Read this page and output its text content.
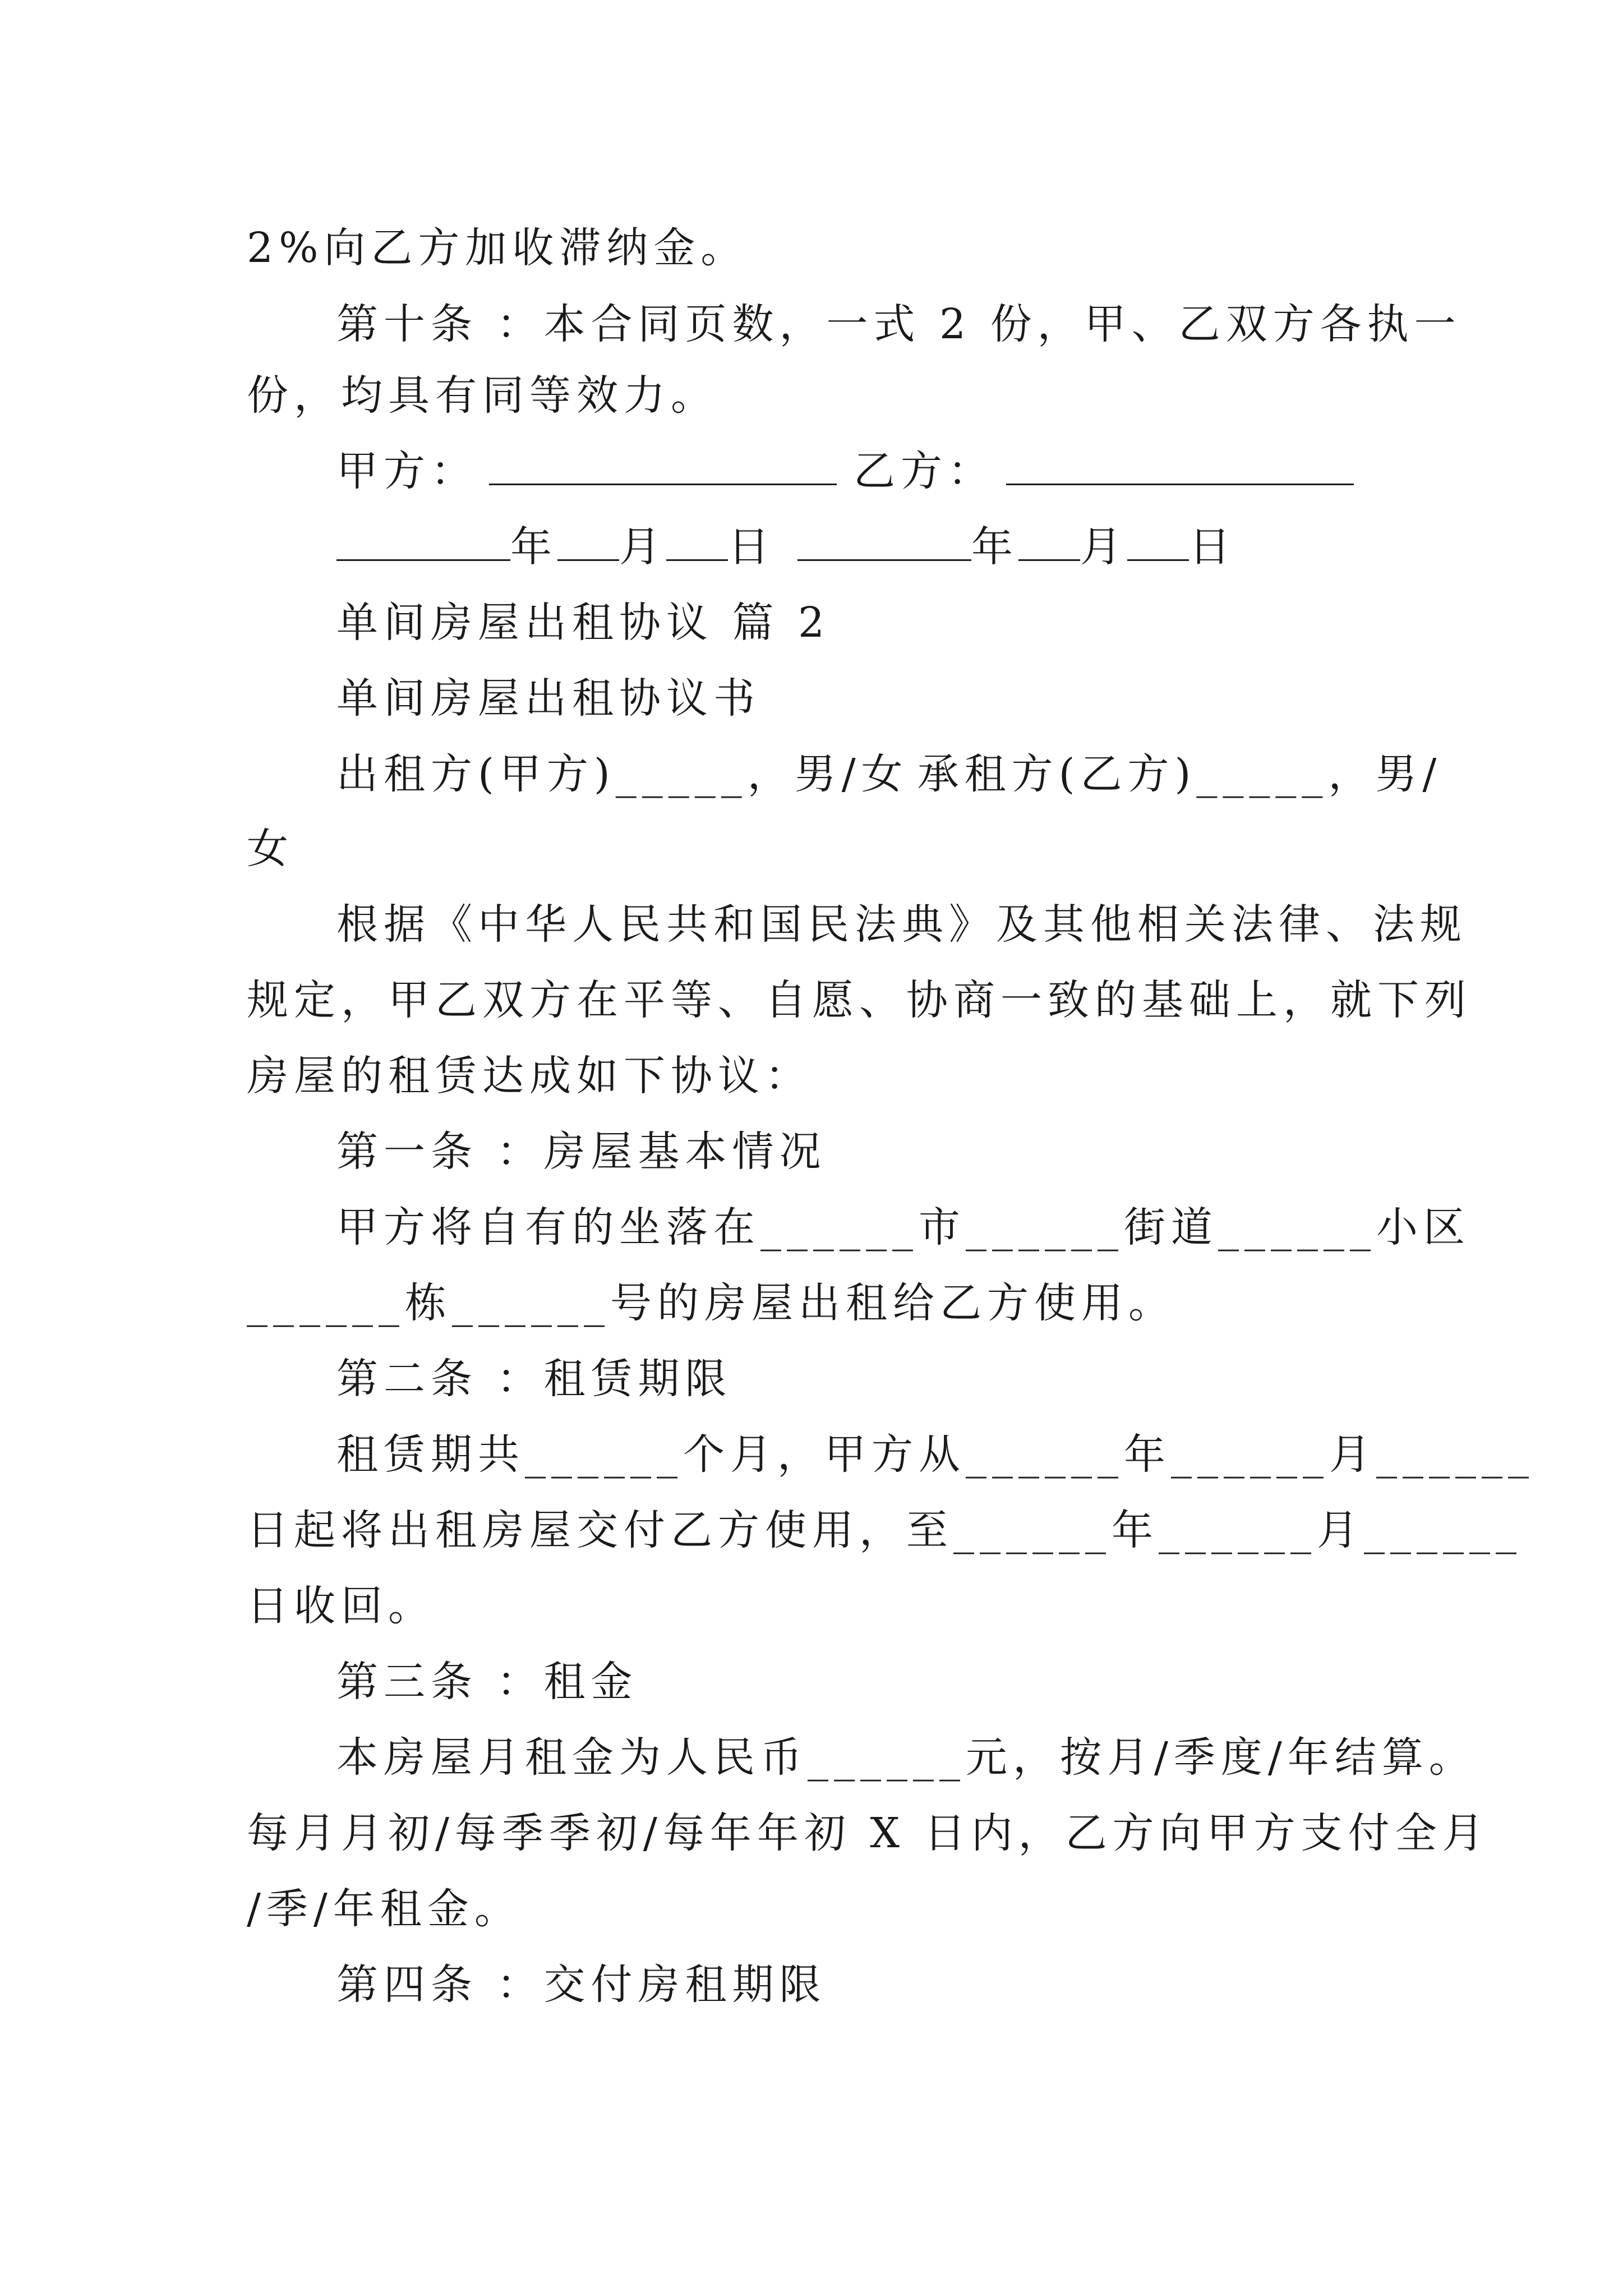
2%向乙方加收滞纳金。
第十条 ：本合同页数，一式 2 份，甲、乙双方各执一
份，均具有同等效力。
甲方：	乙方：
年 月 日	年 月 日
单间房屋出租协议 篇 2
单间房屋出租协议书
出租方(甲方)_____，男/女 承租方(乙方)_____，男/
女
根据《中华人民共和国民法典》及其他相关法律、法规
规定，甲乙双方在平等、自愿、协商一致的基础上，就下列
房屋的租赁达成如下协议：
第一条 ：房屋基本情况
甲方将自有的坐落在______市______街道______小区
______栋______号的房屋出租给乙方使用。
第二条 ：租赁期限
租赁期共______个月，甲方从______年______月______
日起将出租房屋交付乙方使用，至______年______月______
日收回。
第三条 ：租金
本房屋月租金为人民币______元，按月/季度/年结算。
每月月初/每季季初/每年年初 X 日内，乙方向甲方支付全月
/季/年租金。
第四条 ：交付房租期限
